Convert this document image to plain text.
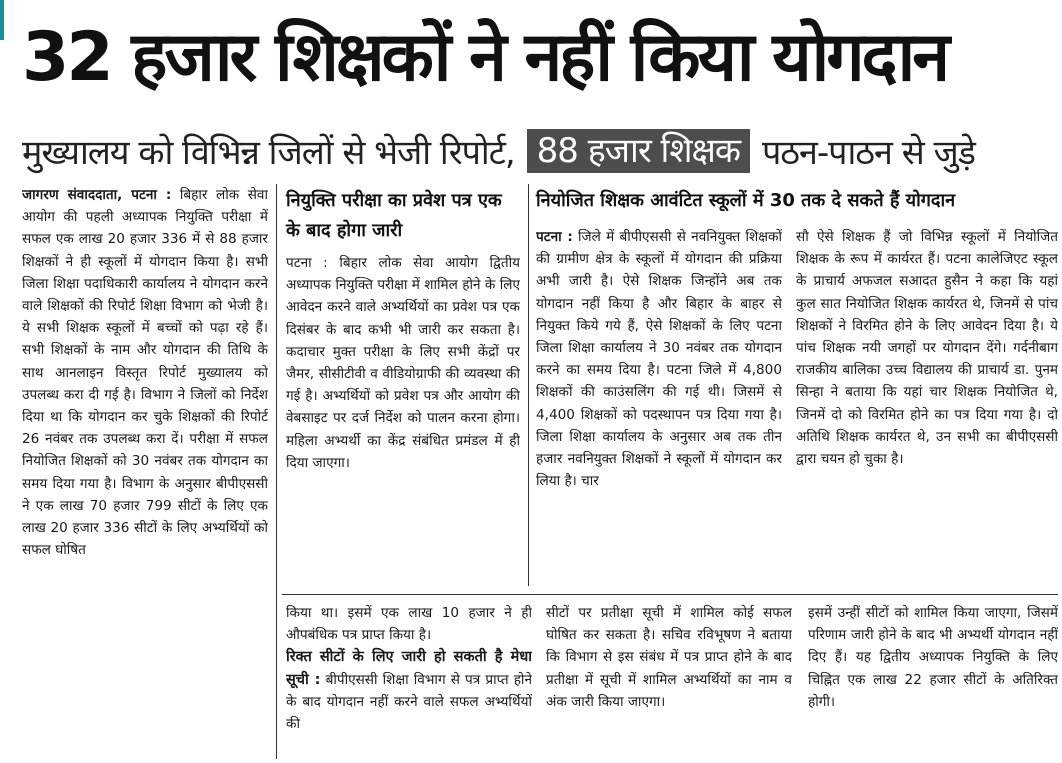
32 हजार शिक्षकों ने नहीं किया योगदान
मुख्यालय को विभिन्न जिलों से भेजी रिपोर्ट, 88 हजार शिक्षक पठन-पाठन से जुड़े

जागरण संवाददाता, पटना : बिहार लोक सेवा आयोग की पहली अध्यापक नियुक्ति परीक्षा में सफल एक लाख 20 हजार 336 में से 88 हजार शिक्षकों ने ही स्कूलों में योगदान किया है। सभी जिला शिक्षा पदाधिकारी कार्यालय ने योगदान करने वाले शिक्षकों की रिपोर्ट शिक्षा विभाग को भेजी है। ये सभी शिक्षक स्कूलों में बच्चों को पढ़ा रहे हैं। सभी शिक्षकों के नाम और योगदान की तिथि के साथ आनलाइन विस्तृत रिपोर्ट मुख्यालय को उपलब्ध करा दी गई है। विभाग ने जिलों को निर्देश दिया था कि योगदान कर चुके शिक्षकों की रिपोर्ट 26 नवंबर तक उपलब्ध करा दें। परीक्षा में सफल नियोजित शिक्षकों को 30 नवंबर तक योगदान का समय दिया गया है। विभाग के अनुसार बीपीएससी ने एक लाख 70 हजार 799 सीटों के लिए एक लाख 20 हजार 336 सीटों के लिए अभ्यर्थियों को सफल घोषित

नियुक्ति परीक्षा का प्रवेश पत्र एक के बाद होगा जारी

पटना : बिहार लोक सेवा आयोग द्वितीय अध्यापक नियुक्ति परीक्षा में शामिल होने के लिए आवेदन करने वाले अभ्यर्थियों का प्रवेश पत्र एक दिसंबर के बाद कभी भी जारी कर सकता है। कदाचार मुक्त परीक्षा के लिए सभी केंद्रों पर जैमर, सीसीटीवी व वीडियोग्राफी की व्यवस्था की गई है। अभ्यर्थियों को प्रवेश पत्र और आयोग की वेबसाइट पर दर्ज निर्देश को पालन करना होगा। महिला अभ्यर्थी का केंद्र संबंधित प्रमंडल में ही दिया जाएगा।

नियोजित शिक्षक आवंटित स्कूलों में 30 तक दे सकते हैं योगदान

पटना : जिले में बीपीएससी से नवनियुक्त शिक्षकों की ग्रामीण क्षेत्र के स्कूलों में योगदान की प्रक्रिया अभी जारी है। ऐसे शिक्षक जिन्होंने अब तक योगदान नहीं किया है और बिहार के बाहर से नियुक्त किये गये हैं, ऐसे शिक्षकों के लिए पटना जिला शिक्षा कार्यालय ने 30 नवंबर तक योगदान करने का समय दिया है। पटना जिले में 4,800 शिक्षकों की काउंसलिंग की गई थी। जिसमें से 4,400 शिक्षकों को पदस्थापन पत्र दिया गया है। जिला शिक्षा कार्यालय के अनुसार अब तक तीन हजार नवनियुक्त शिक्षकों ने स्कूलों में योगदान कर लिया है। चार

सौ ऐसे शिक्षक हैं जो विभिन्न स्कूलों में नियोजित शिक्षक के रूप में कार्यरत हैं। पटना कालेजिएट स्कूल के प्राचार्य अफजल सआदत हुसैन ने कहा कि यहां कुल सात नियोजित शिक्षक कार्यरत थे, जिनमें से पांच शिक्षकों ने विरमित होने के लिए आवेदन दिया है। ये पांच शिक्षक नयी जगहों पर योगदान देंगे। गर्दनीबाग राजकीय बालिका उच्च विद्यालय की प्राचार्य डा. पुनम सिन्हा ने बताया कि यहां चार शिक्षक नियोजित थे, जिनमें दो को विरमित होने का पत्र दिया गया है। दो अतिथि शिक्षक कार्यरत थे, उन सभी का बीपीएससी द्वारा चयन हो चुका है।

किया था। इसमें एक लाख 10 हजार ने ही औपबंधिक पत्र प्राप्त किया है।

रिक्त सीटों के लिए जारी हो सकती है मेधा सूची : बीपीएससी शिक्षा विभाग से पत्र प्राप्त होने के बाद योगदान नहीं करने वाले सफल अभ्यर्थियों की

सीटों पर प्रतीक्षा सूची में शामिल कोई सफल घोषित कर सकता है। सचिव रविभूषण ने बताया कि विभाग से इस संबंध में पत्र प्राप्त होने के बाद प्रतीक्षा में सूची में शामिल अभ्यर्थियों का नाम व अंक जारी किया जाएगा।

इसमें उन्हीं सीटों को शामिल किया जाएगा, जिसमें परिणाम जारी होने के बाद भी अभ्यर्थी योगदान नहीं दिए हैं। यह द्वितीय अध्यापक नियुक्ति के लिए चिह्नित एक लाख 22 हजार सीटों के अतिरिक्त होगी।
